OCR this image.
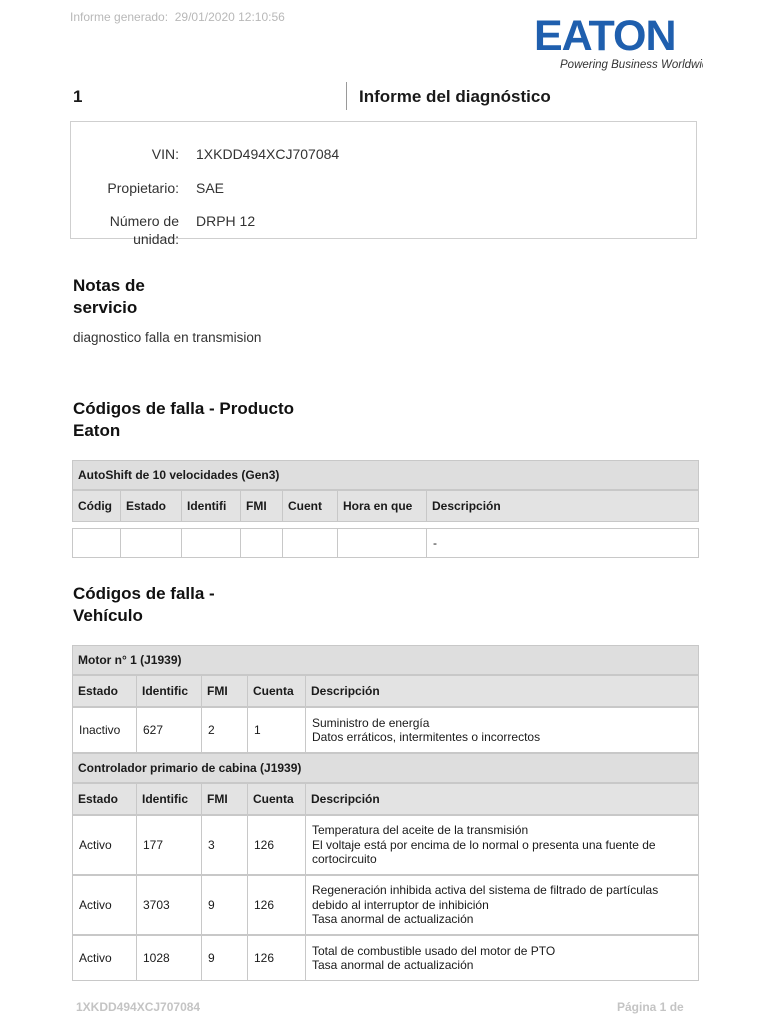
Informe generado: 29/01/2020 12:10:56	EATON
Powering Business Worldwide
1	Informe del diagnóstico
VIN: 1XKDD494XCJ707084
Propietario: SAE
Número de
unidad:
DRPH 12
Notas de
servicio
diagnostico falla en transmision
Códigos de falla - Producto
Eaton
AutoShift de 10 velocidades (Gen3)						
Códig	Estado	Identifi	FMI	Cuent	Hora en que	Descripción

						-
Códigos de falla -
Vehículo
Motor n° 1 (J1939)				
Estado	Identific	FMI	Cuenta	Descripción
Inactivo	627	2	1	Suministro de energía
Datos erráticos, intermitentes o incorrectos

Controlador primario de cabina (J1939)				
Estado	Identific	FMI	Cuenta	Descripción
Activo	177	3	126	Temperatura del aceite de la transmisión
El voltaje está por encima de lo normal o presenta una fuente de
cortocircuito

Activo	3703	9	126	Regeneración inhibida activa del sistema de filtrado de partículas
debido al interruptor de inhibición
Tasa anormal de actualización

Activo	1028	9	126	Total de combustible usado del motor de PTO
Tasa anormal de actualización
1XKDD494XCJ707084	Página 1 de
